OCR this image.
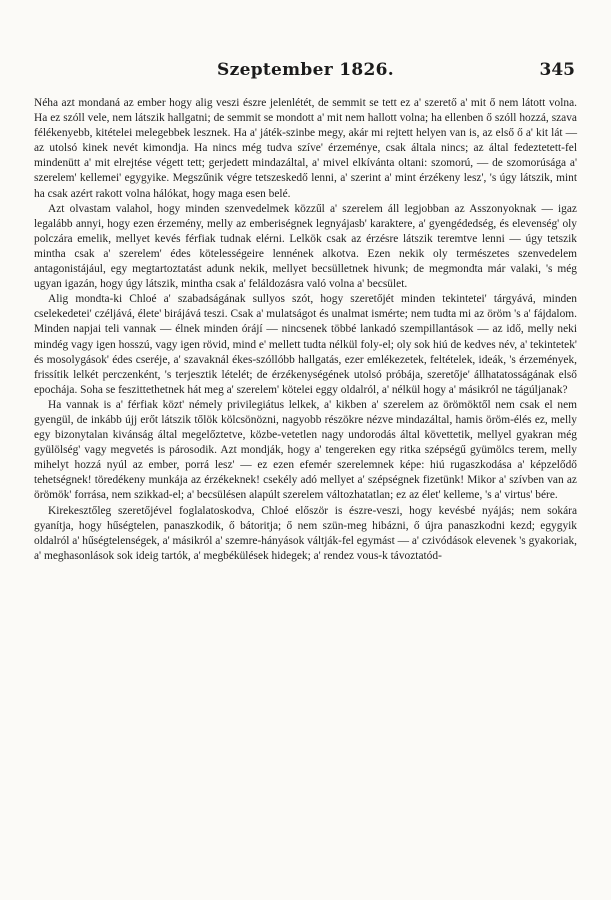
Szeptember 1826.	345

Néha azt mondaná az ember hogy alig veszi észre jelenlétét, de semmit se tett ez a' szerető a' mit ő nem látott volna. Ha ez szóll vele, nem látszik hallgatni; de semmit se mondott a' mit nem hallott volna; ha ellenben ő szóll hozzá, szava félékenyebb, kitételei melegebbek lesznek. Ha a' játék-szinbe megy, akár mi rejtett helyen van is, az első ő a' kit lát — az utolsó kinek nevét kimondja. Ha nincs még tudva szíve' érzeménye, csak általa nincs; az által fedeztetett-fel mindenütt a' mit elrejtése végett tett; gerjedett mindazáltal, a' mivel elkívánta oltani: szomorú, — de szomorúsága a' szerelem' kellemei' egygyike. Megszűnik végre tetszeskedő lenni, a' szerint a' mint érzékeny lesz', 's úgy látszik, mint ha csak azért rakott volna hálókat, hogy maga esen belé.

Azt olvastam valahol, hogy minden szenvedelmek közzűl a' szerelem áll legjobban az Asszonyoknak — igaz legalább annyi, hogy ezen érzemény, melly az emberiségnek legnyájasb' karaktere, a' gyengédedség, és elevenség' oly polczára emelik, mellyet kevés férfiak tudnak elérni. Lelkök csak az érzésre látszik teremtve lenni — úgy tetszik mintha csak a' szerelem' édes kötelességeire lennének alkotva. Ezen nekik oly természetes szenvedelem antagonistájául, egy megtartoztatást adunk nekik, mellyet becsülletnek hivunk; de megmondta már valaki, 's még ugyan igazán, hogy úgy látszik, mintha csak a' feláldozásra való volna a' becsület.

Alig mondta-ki Chloé a' szabadságának sullyos szót, hogy szeretőjét minden tekintetei' tárgyává, minden cselekedetei' czéljává, élete' birájává teszi. Csak a' mulatságot és unalmat ismérte; nem tudta mi az öröm 's a' fájdalom. Minden napjai teli vannak — élnek minden órájí — nincsenek többé lankadó szempillantások — az idő, melly neki mindég vagy igen hosszú, vagy igen rövid, mind e' mellett tudta nélkül foly-el; oly sok hiú de kedves név, a' tekintetek' és mosolygások' édes cseréje, a' szavaknál ékes-szóllóbb hallgatás, ezer emlékezetek, feltételek, ideák, 's érzemények, frissítik lelkét perczenként, 's terjesztik lételét; de érzékenységének utolsó próbája, szeretője' állhatatosságának első epochája. Soha se feszittethetnek hát meg a' szerelem' kötelei eggy oldalról, a' nélkül hogy a' másikról ne tágúljanak?

Ha vannak is a' férfiak közt' némely privilegiátus lelkek, a' kikben a' szerelem az örömöktől nem csak el nem gyengül, de inkább újj erőt látszik tőlök kölcsönözni, nagyobb részökre nézve mindazáltal, hamis öröm-élés ez, melly egy bizonytalan kivánság által megelőztetve, közbe-vetetlen nagy undorodás által követtetik, mellyel gyakran még gyülölség' vagy megvetés is párosodik. Azt mondják, hogy a' tengereken egy ritka szépségű gyümölcs terem, melly mihelyt hozzá nyúl az ember, porrá lesz' — ez ezen efemér szerelemnek képe: hiú rugaszkodása a' képzelődő tehetségnek! töredékeny munkája az érzékeknek! csekély adó mellyet a' szépségnek fizetünk! Mikor a' szívben van az örömök' forrása, nem szikkad-el; a' becsülésen alapúlt szerelem változhatatlan; ez az élet' kelleme, 's a' virtus' bére.

Kirekesztőleg szeretőjével foglalatoskodva, Chloé először is észre-veszi, hogy kevésbé nyájás; nem sokára gyanítja, hogy hűségtelen, panaszkodik, ő bátoritja; ő nem szün-meg hibázni, ő újra panaszkodni kezd; egygyik oldalról a' hűségtelenségek, a' másikról a' szemre-hányások váltják-fel egymást — a' czivódások elevenek 's gyakoriak, a' meghasonlások sok ideig tartók, a' megbékülések hidegek; a' rendez vous-k távoztatód-
